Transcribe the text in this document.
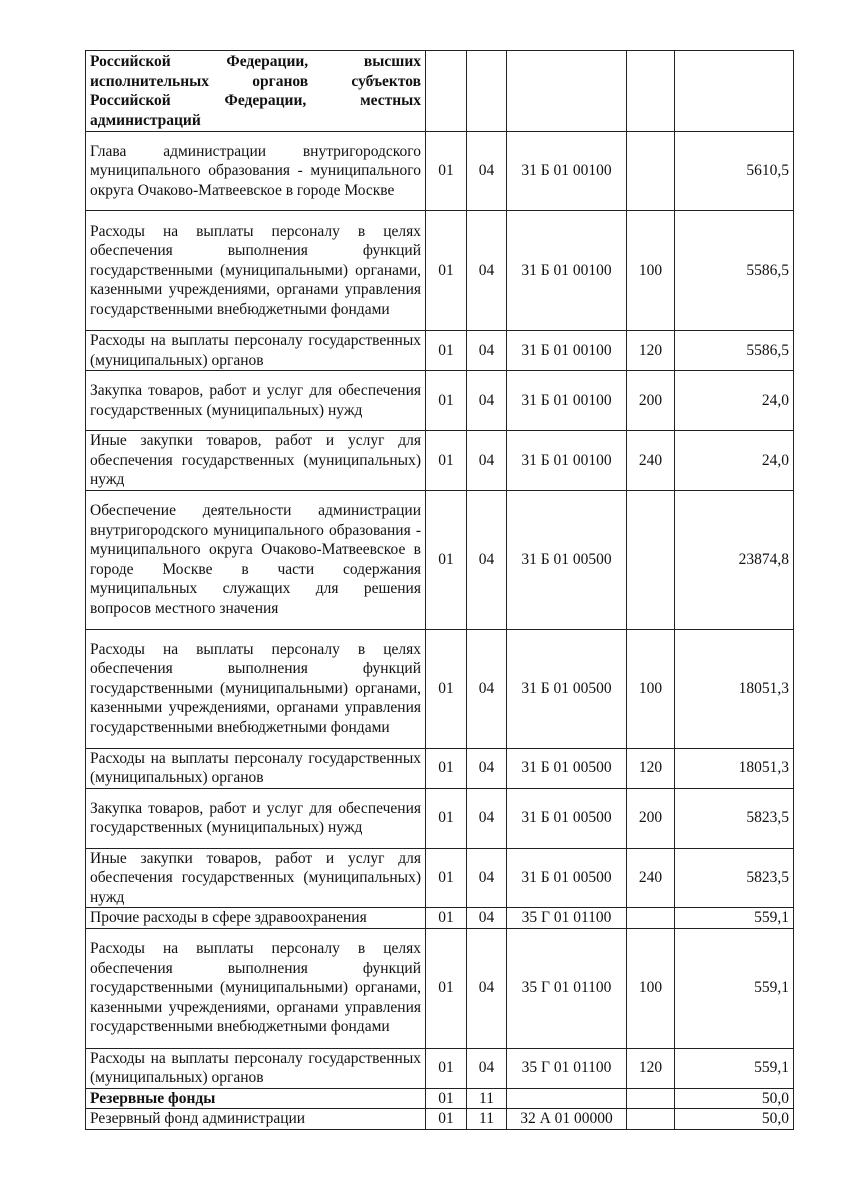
Российской Федерации, высших исполнительных органов субъектов Российской Федерации, местных администраций					
Глава администрации внутригородского муниципального образования - муниципального округа Очаково-Матвеевское в городе Москве	01	04	31 Б 01 00100		5610,5
Расходы на выплаты персоналу в целях обеспечения выполнения функций государственными (муниципальными) органами, казенными учреждениями, органами управления государственными внебюджетными фондами	01	04	31 Б 01 00100	100	5586,5
Расходы на выплаты персоналу государственных (муниципальных) органов	01	04	31 Б 01 00100	120	5586,5
Закупка товаров, работ и услуг для обеспечения государственных (муниципальных) нужд	01	04	31 Б 01 00100	200	24,0
Иные закупки товаров, работ и услуг для обеспечения государственных (муниципальных) нужд	01	04	31 Б 01 00100	240	24,0
Обеспечение деятельности администрации внутригородского муниципального образования - муниципального округа Очаково-Матвеевское в городе Москве в части содержания муниципальных служащих для решения вопросов местного значения	01	04	31 Б 01 00500		23874,8
Расходы на выплаты персоналу в целях обеспечения выполнения функций государственными (муниципальными) органами, казенными учреждениями, органами управления государственными внебюджетными фондами	01	04	31 Б 01 00500	100	18051,3
Расходы на выплаты персоналу государственных (муниципальных) органов	01	04	31 Б 01 00500	120	18051,3
Закупка товаров, работ и услуг для обеспечения государственных (муниципальных) нужд	01	04	31 Б 01 00500	200	5823,5
Иные закупки товаров, работ и услуг для обеспечения государственных (муниципальных) нужд	01	04	31 Б 01 00500	240	5823,5
Прочие расходы в сфере здравоохранения	01	04	35 Г 01 01100		559,1
Расходы на выплаты персоналу в целях обеспечения выполнения функций государственными (муниципальными) органами, казенными учреждениями, органами управления государственными внебюджетными фондами	01	04	35 Г 01 01100	100	559,1
Расходы на выплаты персоналу государственных (муниципальных) органов	01	04	35 Г 01 01100	120	559,1
Резервные фонды	01	11			50,0
Резервный фонд администрации	01	11	32 А 01 00000		50,0
